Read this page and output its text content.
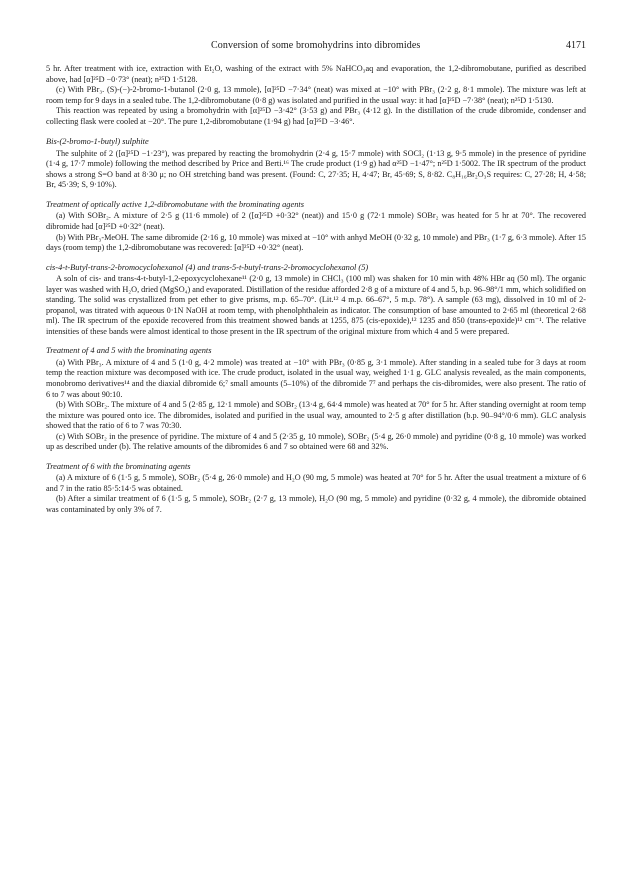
Conversion of some bromohydrins into dibromides	4171

5 hr. After treatment with ice, extraction with Et₂O, washing of the extract with 5% NaHCO₃aq and evaporation, the 1,2-dibromobutane, purified as described above, had [α]²⁵D −0·73° (neat); n²⁵D 1·5128.

(c) With PBr₃. (S)-(−)-2-bromo-1-butanol (2·0 g, 13 mmole), [α]²⁵D −7·34° (neat) was mixed at −10° with PBr₃ (2·2 g, 8·1 mmole). The mixture was left at room temp for 9 days in a sealed tube. The 1,2-dibromobutane (0·8 g) was isolated and purified in the usual way: it had [α]²⁵D −7·38° (neat); n²⁵D 1·5130.

This reaction was repeated by using a bromohydrin with [α]²⁵D −3·42° (3·53 g) and PBr₃ (4·12 g). In the distillation of the crude dibromide, condenser and collecting flask were cooled at −20°. The pure 1,2-dibromobutane (1·94 g) had [α]²⁵D −3·46°.

Bis-(2-bromo-1-butyl) sulphite

The sulphite of 2 ([α]²⁵D −1·23°), was prepared by reacting the bromohydrin (2·4 g, 15·7 mmole) with SOCl₂ (1·13 g, 9·5 mmole) in the presence of pyridine (1·4 g, 17·7 mmole) following the method described by Price and Berti.¹⁶ The crude product (1·9 g) had α²⁵D −1·47°; n²⁵D 1·5002. The IR spectrum of the product shows a strong S=O band at 8·30 μ; no OH stretching band was present. (Found: C, 27·35; H, 4·47; Br, 45·69; S, 8·82. C₈H₁₆Br₂O₃S requires: C, 27·28; H, 4·58; Br, 45·39; S, 9·10%).

Treatment of optically active 1,2-dibromobutane with the brominating agents

(a) With SOBr₂. A mixture of 2·5 g (11·6 mmole) of 2 ([α]²⁵D +0·32° (neat)) and 15·0 g (72·1 mmole) SOBr₂ was heated for 5 hr at 70°. The recovered dibromide had [α]²⁵D +0·32° (neat).

(b) With PBr₃-MeOH. The same dibromide (2·16 g, 10 mmole) was mixed at −10° with anhyd MeOH (0·32 g, 10 mmole) and PBr₃ (1·7 g, 6·3 mmole). After 15 days (room temp) the 1,2-dibromobutane was recovered: [α]²⁵D +0·32° (neat).

cis-4-t-Butyl-trans-2-bromocyclohexanol (4) and trans-5-t-butyl-trans-2-bromocyclohexanol (5)

A soln of cis- and trans-4-t-butyl-1,2-epoxycyclohexane¹¹ (2·0 g, 13 mmole) in CHCl₃ (100 ml) was shaken for 10 min with 48% HBr aq (50 ml). The organic layer was washed with H₂O, dried (MgSO₄) and evaporated. Distillation of the residue afforded 2·8 g of a mixture of 4 and 5, b.p. 96–98°/1 mm, which solidified on standing. The solid was crystallized from pet ether to give prisms, m.p. 65–70°. (Lit.¹² 4 m.p. 66–67°, 5 m.p. 78°). A sample (63 mg), dissolved in 10 ml of 2-propanol, was titrated with aqueous 0·1N NaOH at room temp, with phenolphthalein as indicator. The consumption of base amounted to 2·65 ml (theoretical 2·68 ml). The IR spectrum of the epoxide recovered from this treatment showed bands at 1255, 875 (cis-epoxide),¹² 1235 and 850 (trans-epoxide)¹² cm⁻¹. The relative intensities of these bands were almost identical to those present in the IR spectrum of the original mixture from which 4 and 5 were prepared.

Treatment of 4 and 5 with the brominating agents

(a) With PBr₃. A mixture of 4 and 5 (1·0 g, 4·2 mmole) was treated at −10° with PBr₃ (0·85 g, 3·1 mmole). After standing in a sealed tube for 3 days at room temp the reaction mixture was decomposed with ice. The crude product, isolated in the usual way, weighed 1·1 g. GLC analysis revealed, as the main components, monobromo derivatives¹⁴ and the diaxial dibromide 6;⁷ small amounts (5–10%) of the dibromide 7⁷ and perhaps the cis-dibromides, were also present. The ratio of 6 to 7 was about 90:10.

(b) With SOBr₂. The mixture of 4 and 5 (2·85 g, 12·1 mmole) and SOBr₂ (13·4 g, 64·4 mmole) was heated at 70° for 5 hr. After standing overnight at room temp the mixture was poured onto ice. The dibromides, isolated and purified in the usual way, amounted to 2·5 g after distillation (b.p. 90–94°/0·6 mm). GLC analysis showed that the ratio of 6 to 7 was 70:30.

(c) With SOBr₂ in the presence of pyridine. The mixture of 4 and 5 (2·35 g, 10 mmole), SOBr₂ (5·4 g, 26·0 mmole) and pyridine (0·8 g, 10 mmole) was worked up as described under (b). The relative amounts of the dibromides 6 and 7 so obtained were 68 and 32%.

Treatment of 6 with the brominating agents

(a) A mixture of 6 (1·5 g, 5 mmole), SOBr₂ (5·4 g, 26·0 mmole) and H₂O (90 mg, 5 mmole) was heated at 70° for 5 hr. After the usual treatment a mixture of 6 and 7 in the ratio 85·5:14·5 was obtained.

(b) After a similar treatment of 6 (1·5 g, 5 mmole), SOBr₂ (2·7 g, 13 mmole), H₂O (90 mg, 5 mmole) and pyridine (0·32 g, 4 mmole), the dibromide obtained was contaminated by only 3% of 7.
